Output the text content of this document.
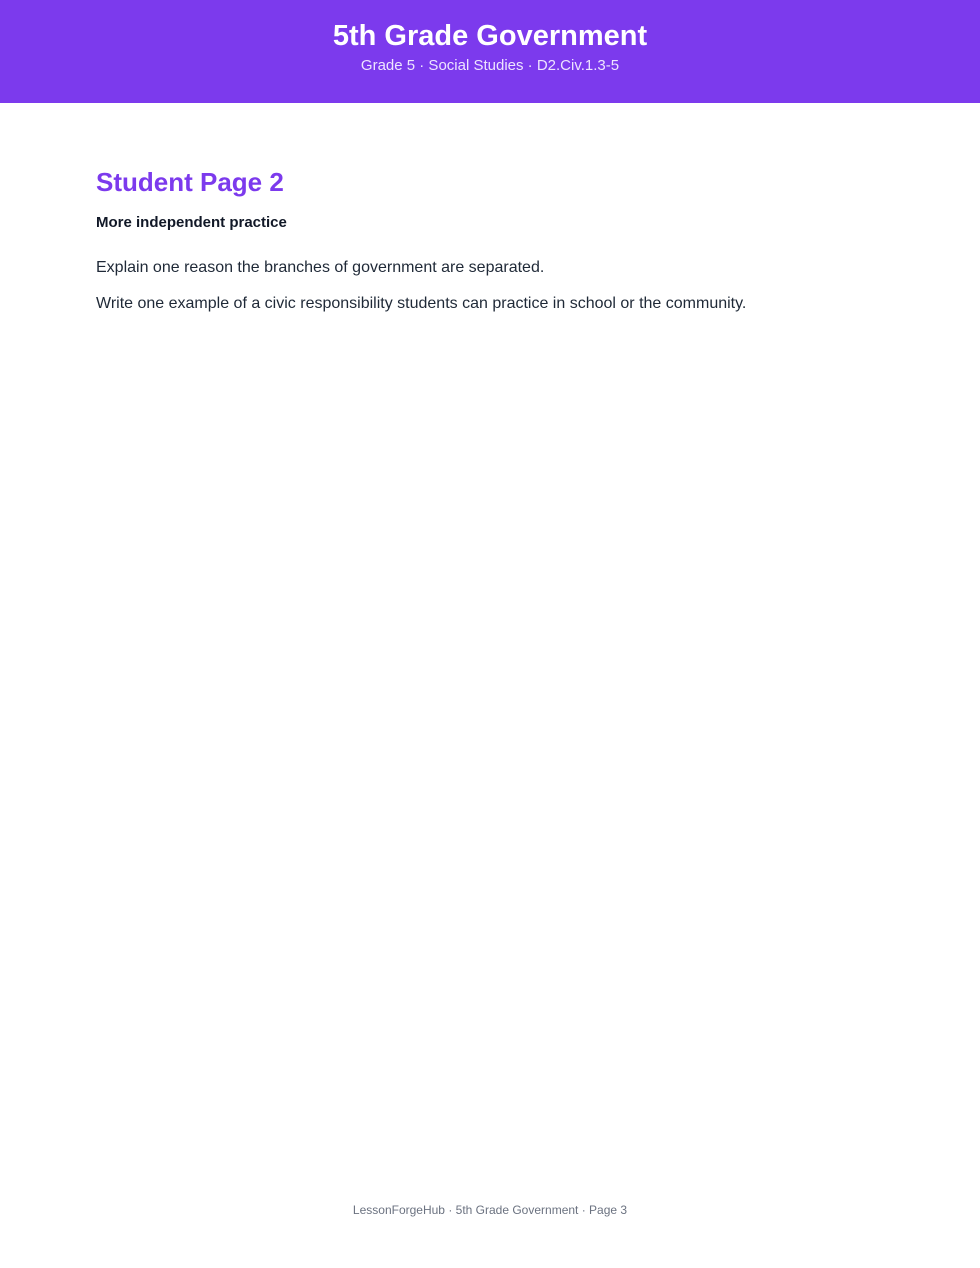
5th Grade Government
Grade 5 · Social Studies · D2.Civ.1.3-5
Student Page 2

More independent practice

Explain one reason the branches of government are separated.

Write one example of a civic responsibility students can practice in school or the community.

LessonForgeHub · 5th Grade Government · Page 3
